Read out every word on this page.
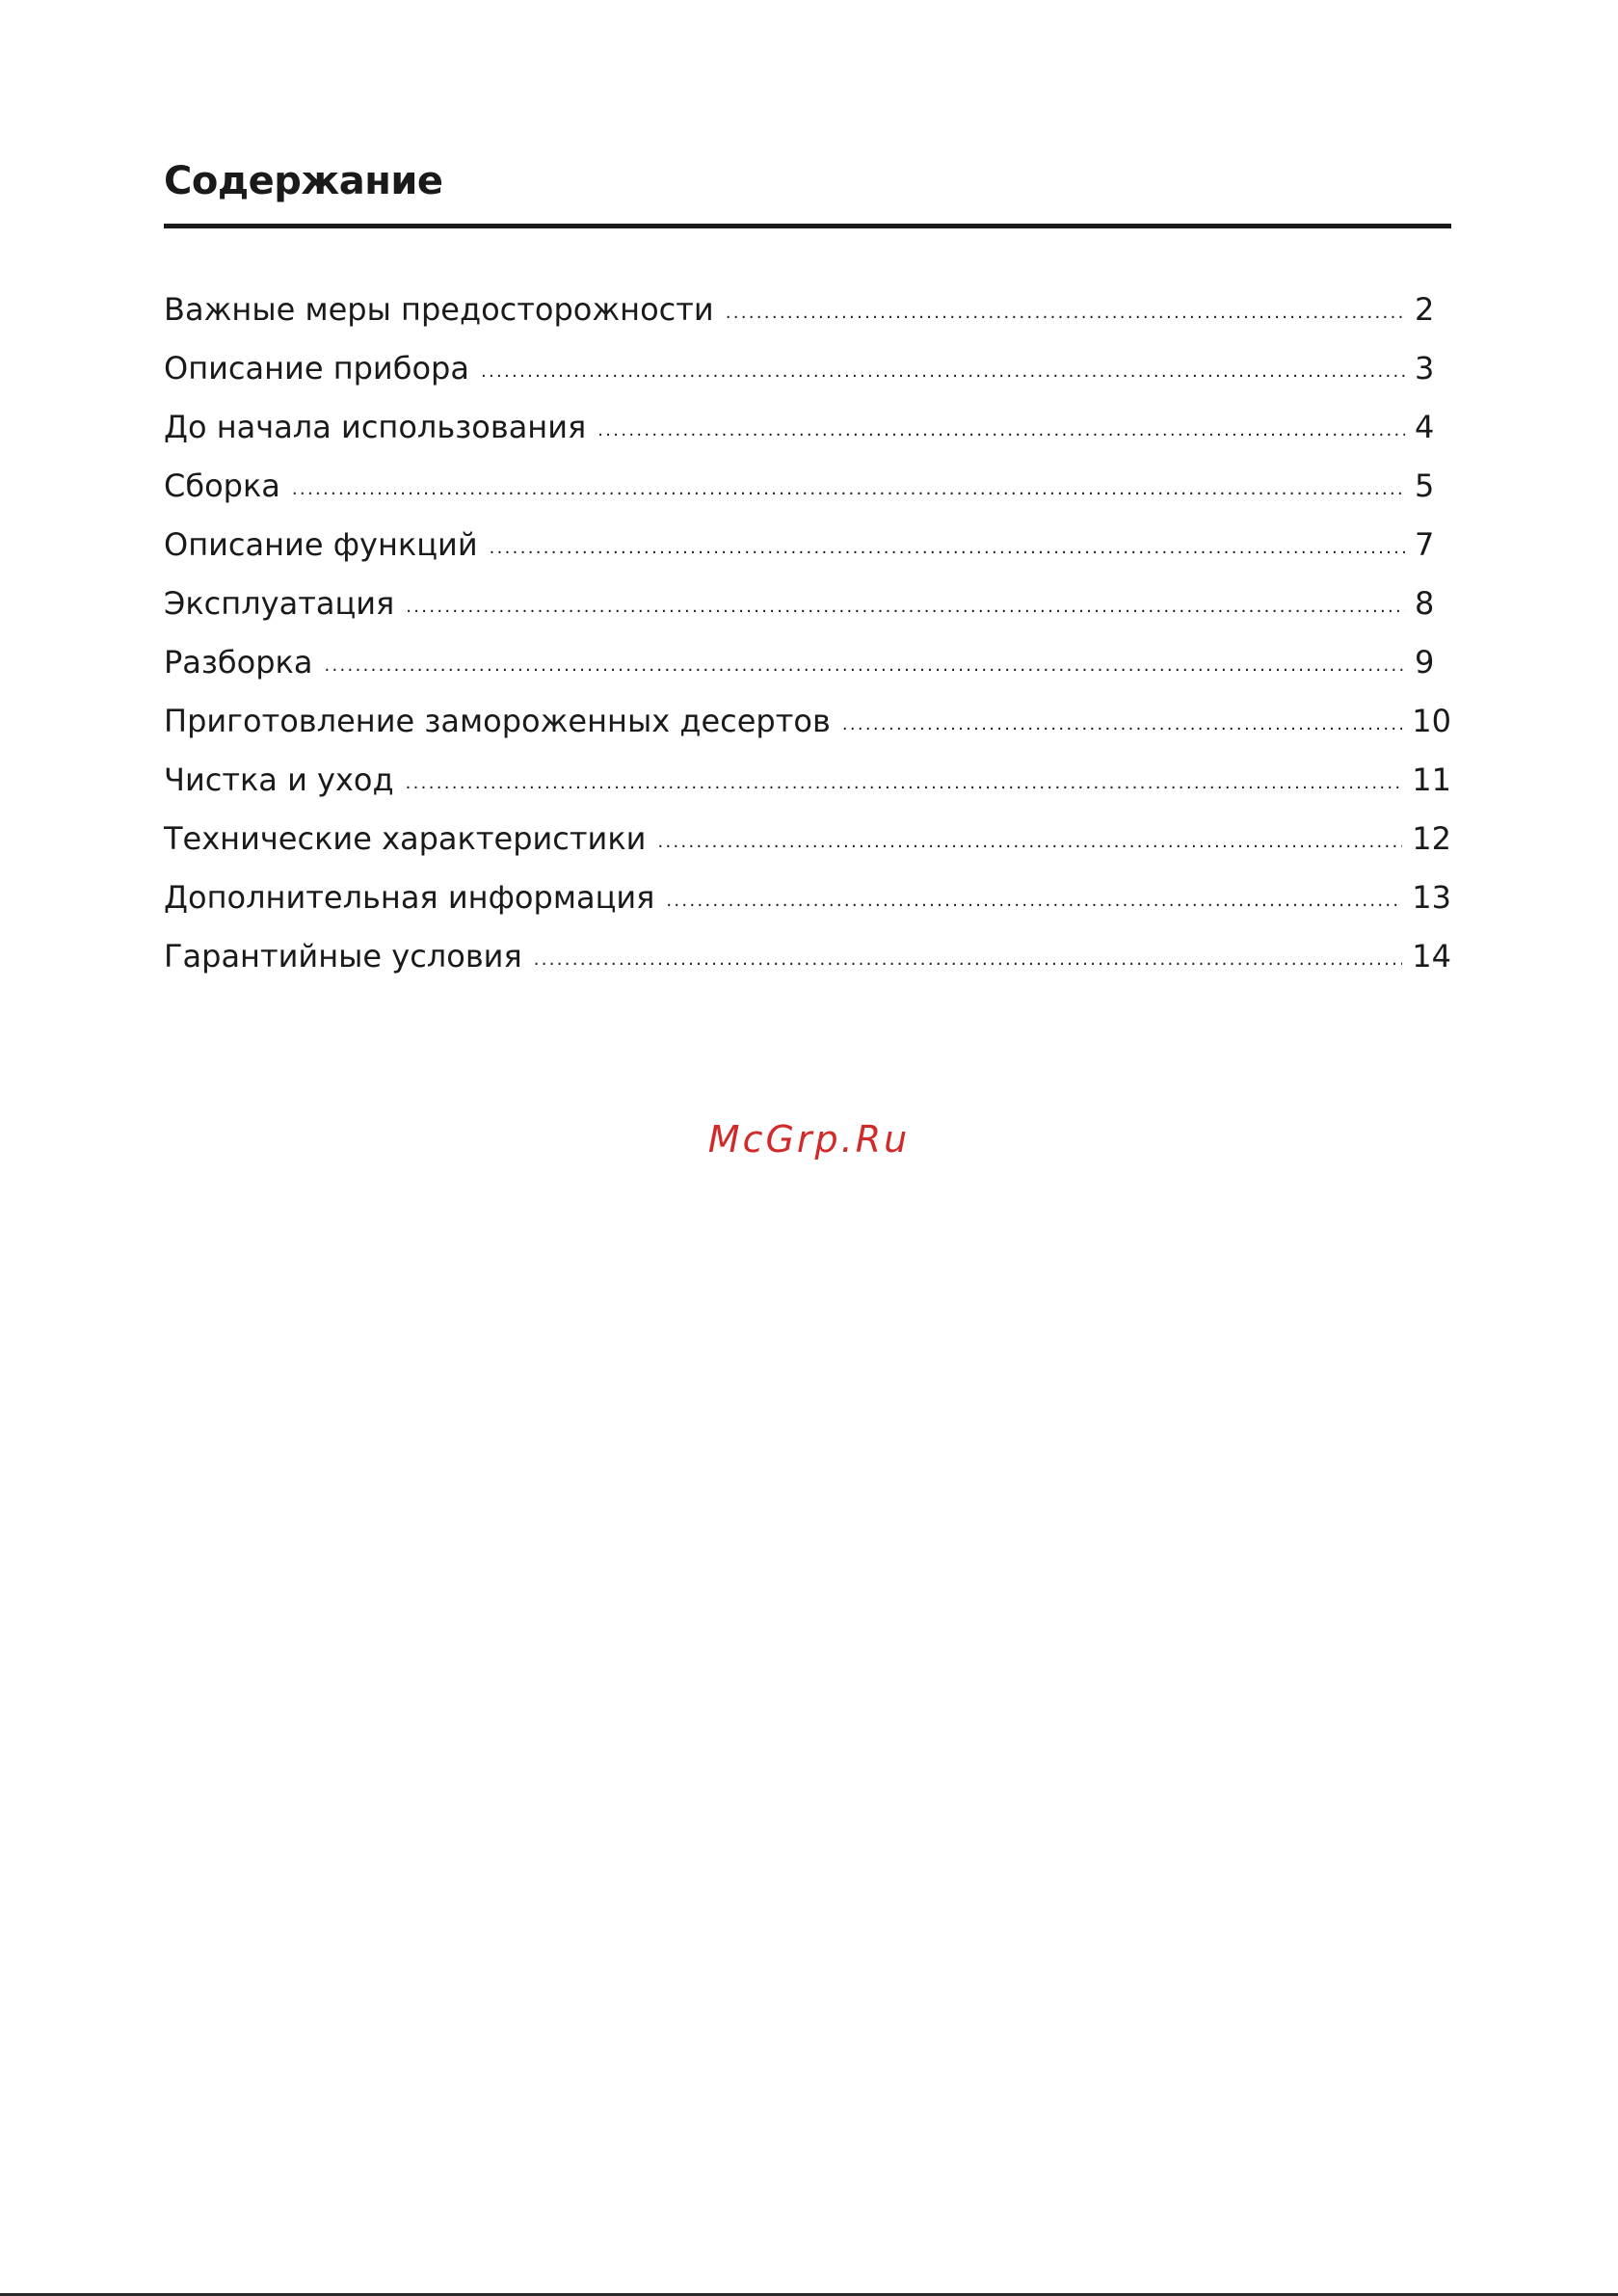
Содержание
Важные меры предосторожности .....	2
Описание прибора .....	3
До начала использования .....	4
Сборка .....	5
Описание функций .....	7
Эксплуатация .....	8
Разборка .....	9
Приготовление замороженных десертов .....	10
Чистка и уход .....	11
Технические характеристики .....	12
Дополнительная информация .....	13
Гарантийные условия .....	14
McGrp.Ru
